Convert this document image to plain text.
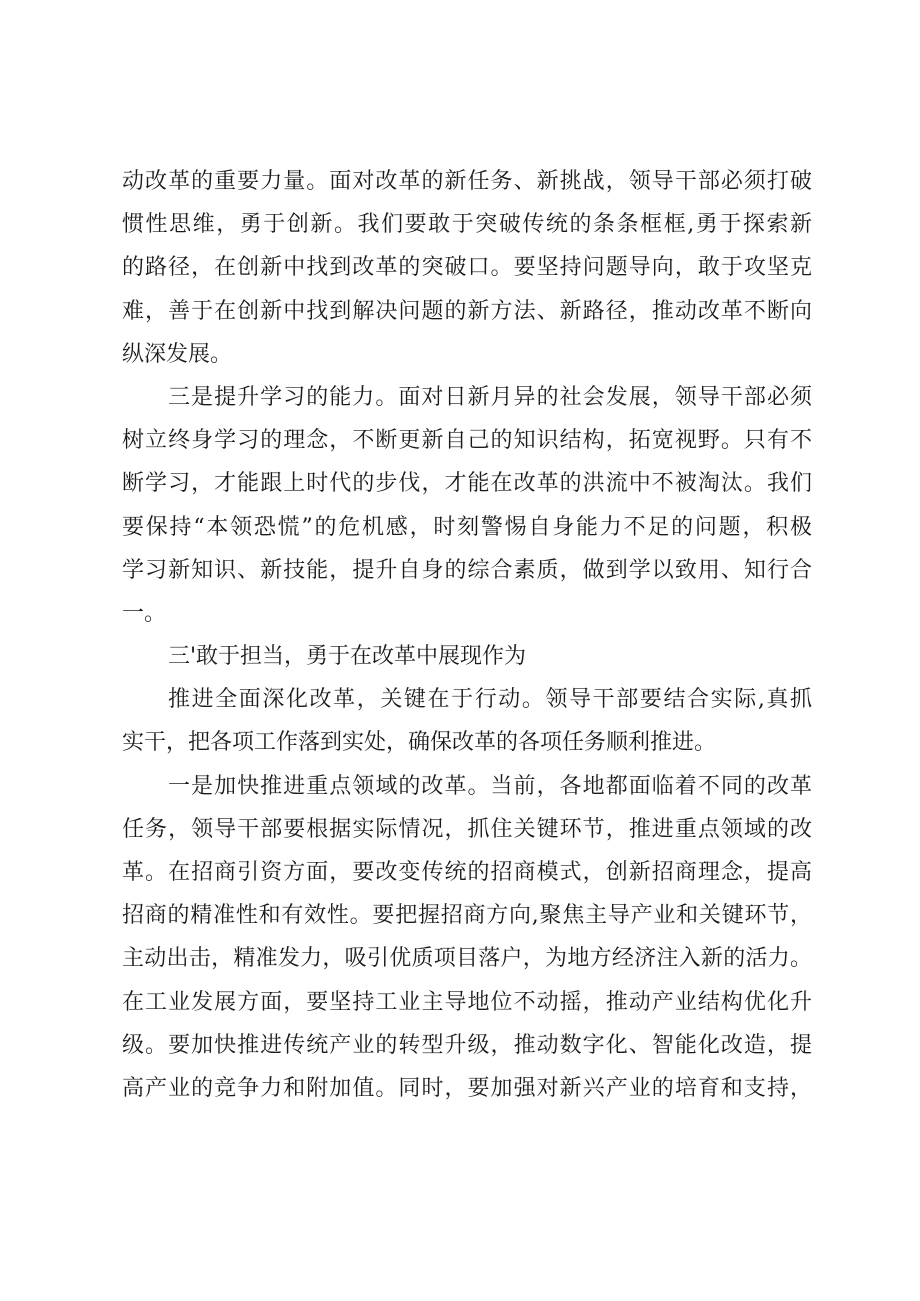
动改革的重要力量。面对改革的新任务、新挑战，领导干部必须打破
惯性思维，勇于创新。我们要敢于突破传统的条条框框,勇于探索新
的路径，在创新中找到改革的突破口。要坚持问题导向，敢于攻坚克
难，善于在创新中找到解决问题的新方法、新路径，推动改革不断向
纵深发展。
三是提升学习的能力。面对日新月异的社会发展，领导干部必须
树立终身学习的理念，不断更新自己的知识结构，拓宽视野。只有不
断学习，才能跟上时代的步伐，才能在改革的洪流中不被淘汰。我们
要保持“本领恐慌”的危机感，时刻警惕自身能力不足的问题，积极
学习新知识、新技能，提升自身的综合素质，做到学以致用、知行合
一。
三'敢于担当，勇于在改革中展现作为
推进全面深化改革，关键在于行动。领导干部要结合实际,真抓
实干，把各项工作落到实处，确保改革的各项任务顺利推进。
一是加快推进重点领域的改革。当前，各地都面临着不同的改革
任务，领导干部要根据实际情况，抓住关键环节，推进重点领域的改
革。在招商引资方面，要改变传统的招商模式，创新招商理念，提高
招商的精准性和有效性。要把握招商方向,聚焦主导产业和关键环节，
主动出击，精准发力，吸引优质项目落户，为地方经济注入新的活力。
在工业发展方面，要坚持工业主导地位不动摇，推动产业结构优化升
级。要加快推进传统产业的转型升级，推动数字化、智能化改造，提
高产业的竞争力和附加值。同时，要加强对新兴产业的培育和支持，
